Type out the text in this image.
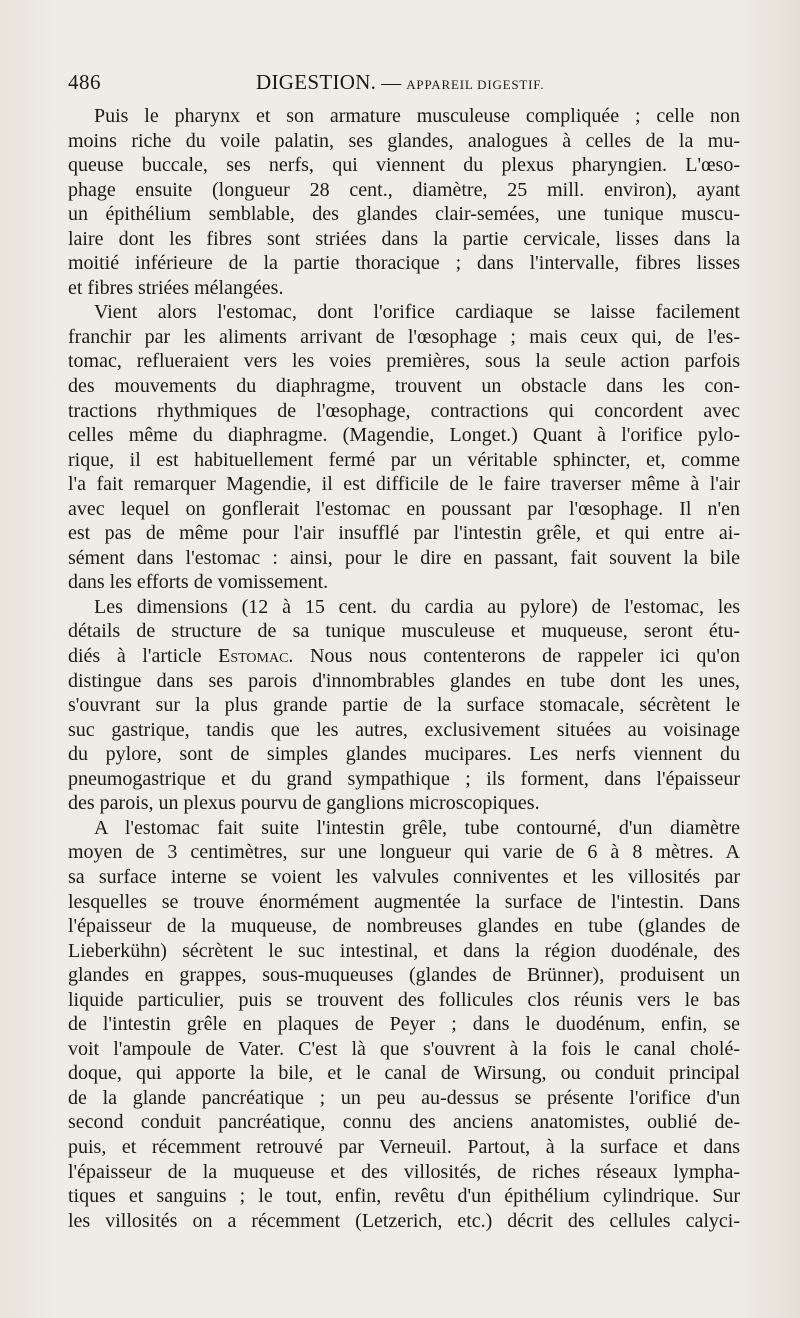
486	DIGESTION. — APPAREIL DIGESTIF.
Puis le pharynx et son armature musculeuse compliquée ; celle non
moins riche du voile palatin, ses glandes, analogues à celles de la mu-
queuse buccale, ses nerfs, qui viennent du plexus pharyngien. L'œso-
phage ensuite (longueur 28 cent., diamètre, 25 mill. environ), ayant
un épithélium semblable, des glandes clair-semées, une tunique muscu-
laire dont les fibres sont striées dans la partie cervicale, lisses dans la
moitié inférieure de la partie thoracique ; dans l'intervalle, fibres lisses
et fibres striées mélangées.
Vient alors l'estomac, dont l'orifice cardiaque se laisse facilement
franchir par les aliments arrivant de l'œsophage ; mais ceux qui, de l'es-
tomac, reflueraient vers les voies premières, sous la seule action parfois
des mouvements du diaphragme, trouvent un obstacle dans les con-
tractions rhythmiques de l'œsophage, contractions qui concordent avec
celles même du diaphragme. (Magendie, Longet.) Quant à l'orifice pylo-
rique, il est habituellement fermé par un véritable sphincter, et, comme
l'a fait remarquer Magendie, il est difficile de le faire traverser même à l'air
avec lequel on gonflerait l'estomac en poussant par l'œsophage. Il n'en
est pas de même pour l'air insufflé par l'intestin grêle, et qui entre ai-
sément dans l'estomac : ainsi, pour le dire en passant, fait souvent la bile
dans les efforts de vomissement.
Les dimensions (12 à 15 cent. du cardia au pylore) de l'estomac, les
détails de structure de sa tunique musculeuse et muqueuse, seront étu-
diés à l'article Estomac. Nous nous contenterons de rappeler ici qu'on
distingue dans ses parois d'innombrables glandes en tube dont les unes,
s'ouvrant sur la plus grande partie de la surface stomacale, sécrètent le
suc gastrique, tandis que les autres, exclusivement situées au voisinage
du pylore, sont de simples glandes mucipares. Les nerfs viennent du
pneumogastrique et du grand sympathique ; ils forment, dans l'épaisseur
des parois, un plexus pourvu de ganglions microscopiques.
A l'estomac fait suite l'intestin grêle, tube contourné, d'un diamètre
moyen de 3 centimètres, sur une longueur qui varie de 6 à 8 mètres. A
sa surface interne se voient les valvules conniventes et les villosités par
lesquelles se trouve énormément augmentée la surface de l'intestin. Dans
l'épaisseur de la muqueuse, de nombreuses glandes en tube (glandes de
Lieberkühn) sécrètent le suc intestinal, et dans la région duodénale, des
glandes en grappes, sous-muqueuses (glandes de Brünner), produisent un
liquide particulier, puis se trouvent des follicules clos réunis vers le bas
de l'intestin grêle en plaques de Peyer ; dans le duodénum, enfin, se
voit l'ampoule de Vater. C'est là que s'ouvrent à la fois le canal cholé-
doque, qui apporte la bile, et le canal de Wirsung, ou conduit principal
de la glande pancréatique ; un peu au-dessus se présente l'orifice d'un
second conduit pancréatique, connu des anciens anatomistes, oublié de-
puis, et récemment retrouvé par Verneuil. Partout, à la surface et dans
l'épaisseur de la muqueuse et des villosités, de riches réseaux lympha-
tiques et sanguins ; le tout, enfin, revêtu d'un épithélium cylindrique. Sur
les villosités on a récemment (Letzerich, etc.) décrit des cellules calyci-
